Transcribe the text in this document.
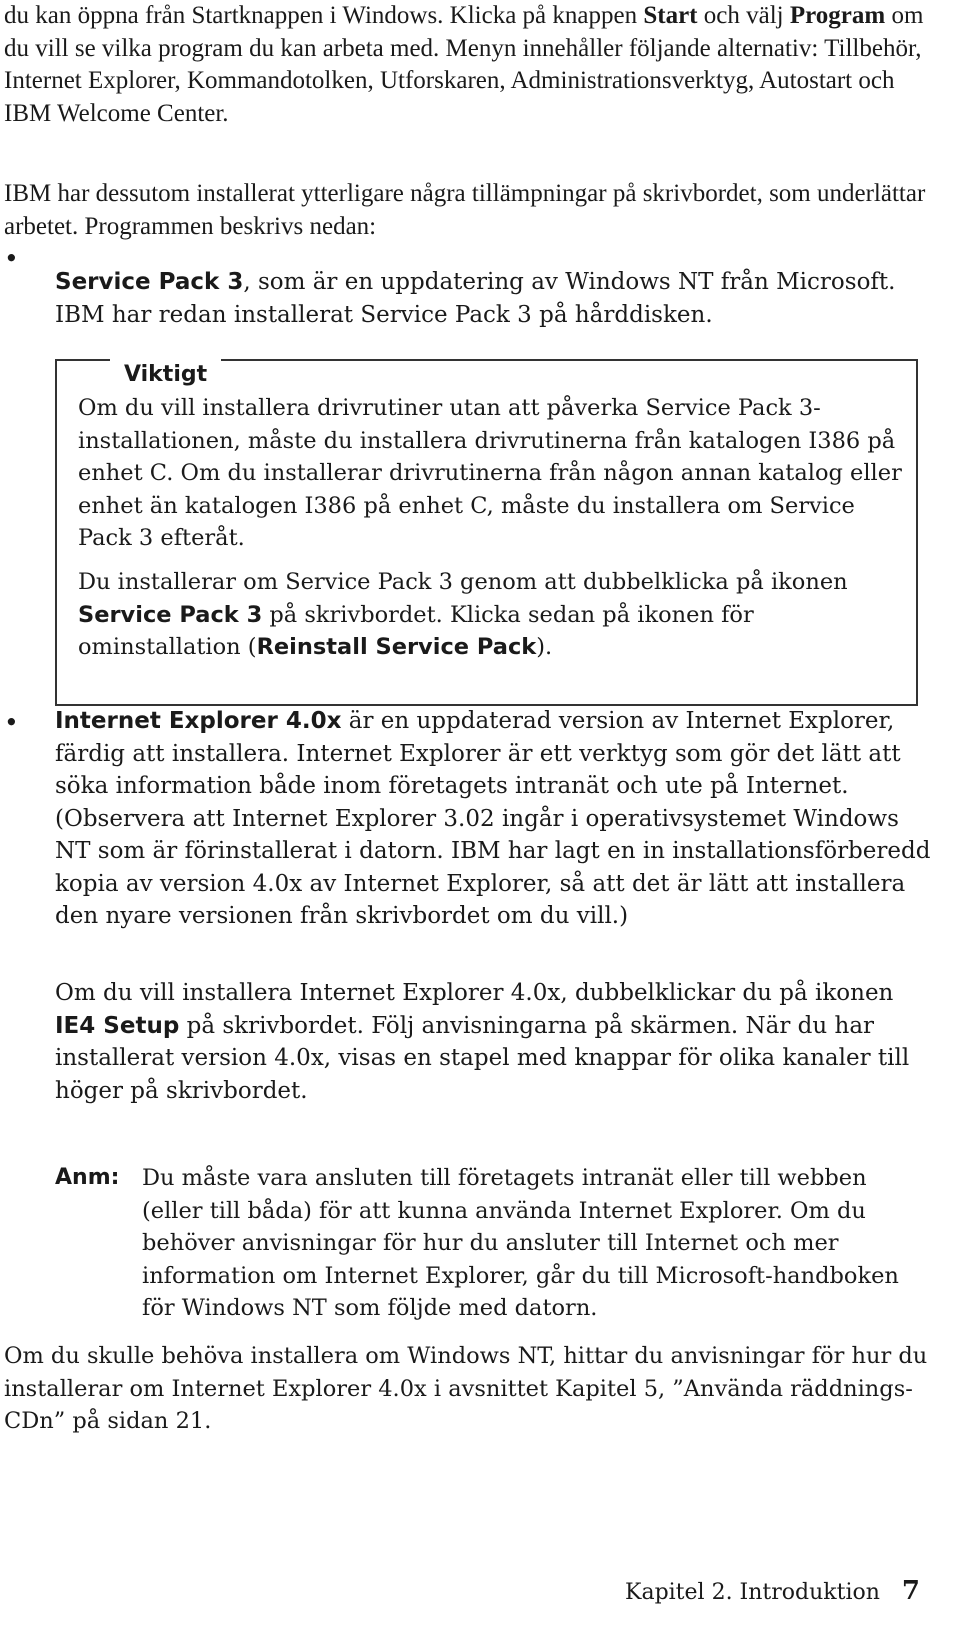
du kan öppna från Startknappen i Windows. Klicka på knappen Start och välj Program om du vill se vilka program du kan arbeta med. Menyn innehåller följande alternativ: Tillbehör, Internet Explorer, Kommandotolken, Utforskaren, Administrationsverktyg, Autostart och IBM Welcome Center.

IBM har dessutom installerat ytterligare några tillämpningar på skrivbordet, som underlättar arbetet. Programmen beskrivs nedan:

•

Service Pack 3, som är en uppdatering av Windows NT från Microsoft. IBM har redan installerat Service Pack 3 på hårddisken.

Viktigt

Om du vill installera drivrutiner utan att påverka Service Pack 3-installationen, måste du installera drivrutinerna från katalogen I386 på enhet C. Om du installerar drivrutinerna från någon annan katalog eller enhet än katalogen I386 på enhet C, måste du installera om Service Pack 3 efteråt.

Du installerar om Service Pack 3 genom att dubbelklicka på ikonen Service Pack 3 på skrivbordet. Klicka sedan på ikonen för ominstallation (Reinstall Service Pack).

• Internet Explorer 4.0x är en uppdaterad version av Internet Explorer, färdig att installera. Internet Explorer är ett verktyg som gör det lätt att söka information både inom företagets intranät och ute på Internet. (Observera att Internet Explorer 3.02 ingår i operativsystemet Windows NT som är förinstallerat i datorn. IBM har lagt en in installationsförberedd kopia av version 4.0x av Internet Explorer, så att det är lätt att installera den nyare versionen från skrivbordet om du vill.)

Om du vill installera Internet Explorer 4.0x, dubbelklickar du på ikonen IE4 Setup på skrivbordet. Följ anvisningarna på skärmen. När du har installerat version 4.0x, visas en stapel med knappar för olika kanaler till höger på skrivbordet.

Anm: Du måste vara ansluten till företagets intranät eller till webben (eller till båda) för att kunna använda Internet Explorer. Om du behöver anvisningar för hur du ansluter till Internet och mer information om Internet Explorer, går du till Microsoft-handboken för Windows NT som följde med datorn.

Om du skulle behöva installera om Windows NT, hittar du anvisningar för hur du installerar om Internet Explorer 4.0x i avsnittet Kapitel 5, ”Använda räddnings-CDn” på sidan 21.

Kapitel 2. Introduktion 7
